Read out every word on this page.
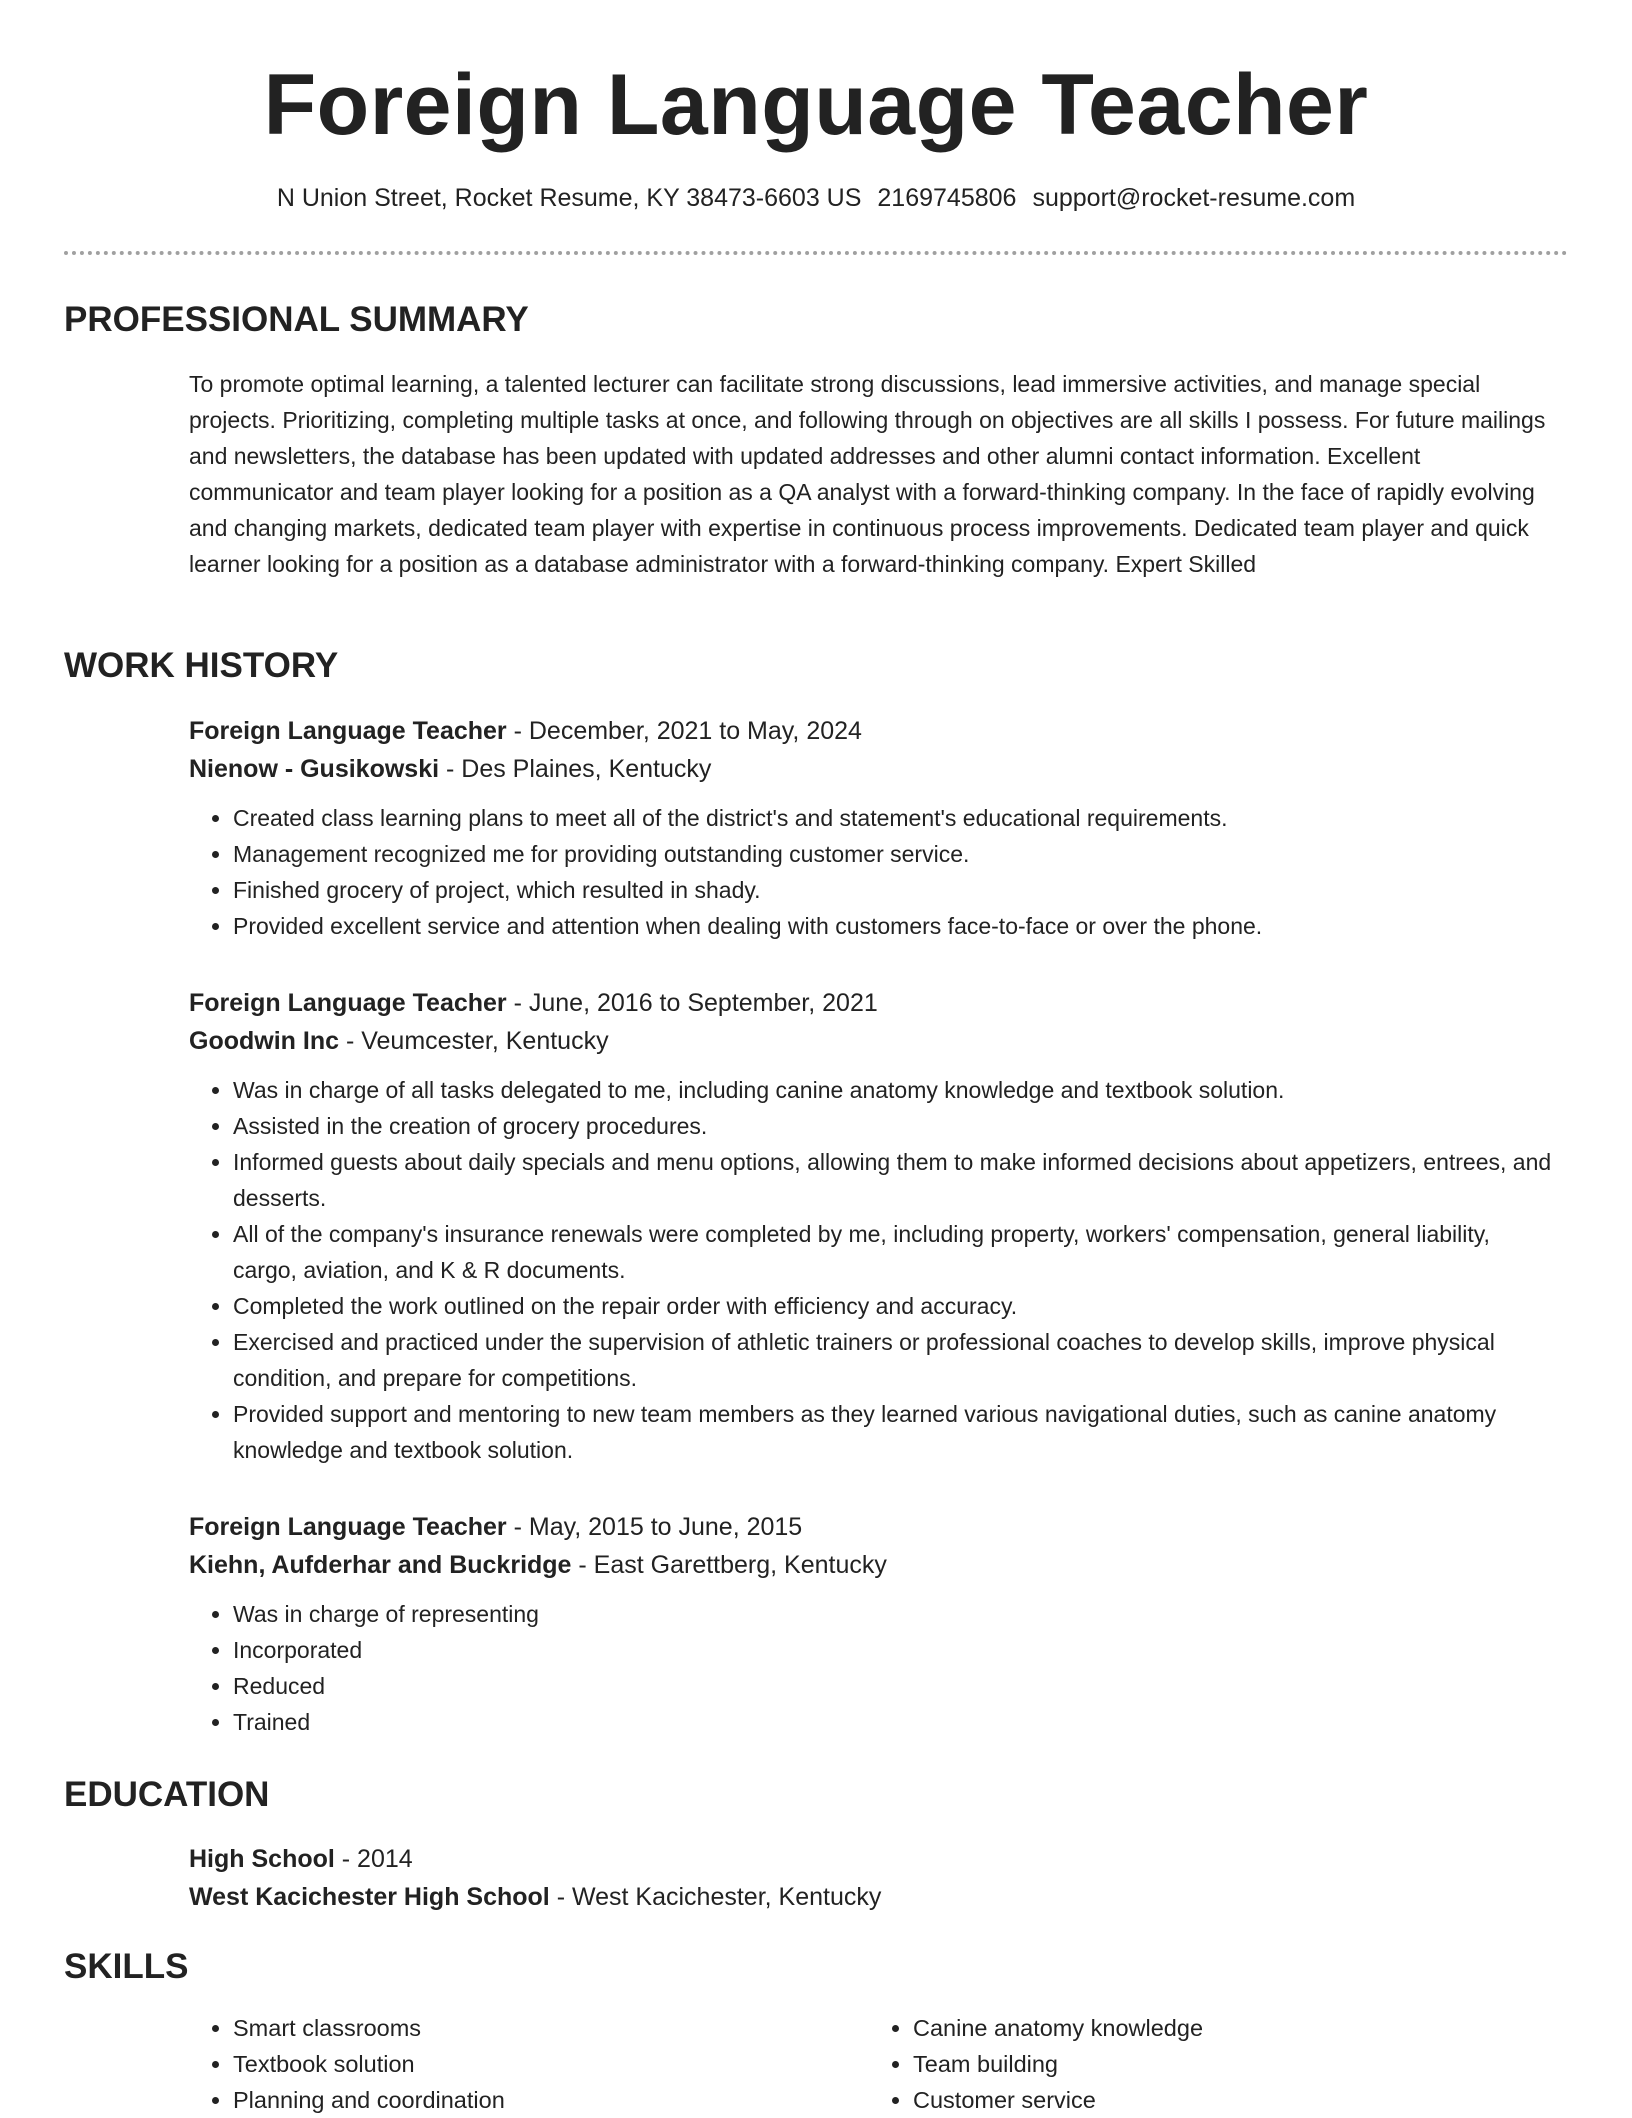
Foreign Language Teacher
N Union Street, Rocket Resume, KY 38473-6603 US 2169745806 support@rocket-resume.com
PROFESSIONAL SUMMARY

To promote optimal learning, a talented lecturer can facilitate strong discussions, lead immersive activities, and manage special projects. Prioritizing, completing multiple tasks at once, and following through on objectives are all skills I possess. For future mailings and newsletters, the database has been updated with updated addresses and other alumni contact information. Excellent communicator and team player looking for a position as a QA analyst with a forward-thinking company. In the face of rapidly evolving and changing markets, dedicated team player with expertise in continuous process improvements. Dedicated team player and quick learner looking for a position as a database administrator with a forward-thinking company. Expert Skilled

WORK HISTORY

Foreign Language Teacher - December, 2021 to May, 2024

Nienow - Gusikowski - Des Plaines, Kentucky

• Created class learning plans to meet all of the district's and statement's educational requirements.
• Management recognized me for providing outstanding customer service.
• Finished grocery of project, which resulted in shady.
• Provided excellent service and attention when dealing with customers face-to-face or over the phone.

Foreign Language Teacher - June, 2016 to September, 2021

Goodwin Inc - Veumcester, Kentucky

• Was in charge of all tasks delegated to me, including canine anatomy knowledge and textbook solution.
• Assisted in the creation of grocery procedures.
• Informed guests about daily specials and menu options, allowing them to make informed decisions about appetizers, entrees, and desserts.
• All of the company's insurance renewals were completed by me, including property, workers' compensation, general liability, cargo, aviation, and K & R documents.
• Completed the work outlined on the repair order with efficiency and accuracy.
• Exercised and practiced under the supervision of athletic trainers or professional coaches to develop skills, improve physical condition, and prepare for competitions.
• Provided support and mentoring to new team members as they learned various navigational duties, such as canine anatomy knowledge and textbook solution.

Foreign Language Teacher - May, 2015 to June, 2015

Kiehn, Aufderhar and Buckridge - East Garettberg, Kentucky

• Was in charge of representing
• Incorporated
• Reduced
• Trained
EDUCATION

High School - 2014

West Kacichester High School - West Kacichester, Kentucky

SKILLS
• Smart classrooms
• Textbook solution
• Planning and coordination
• Canine anatomy knowledge
• Team building
• Customer service
